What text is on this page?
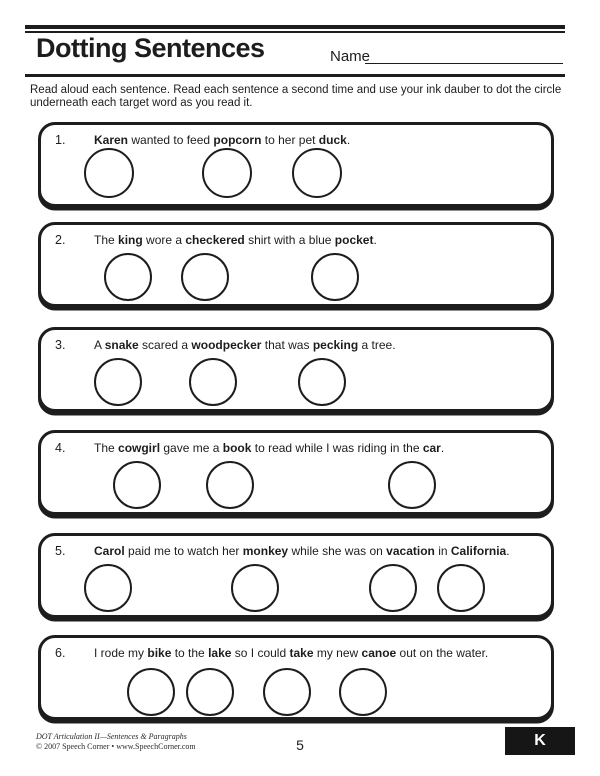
Dotting Sentences	Name

Read aloud each sentence. Read each sentence a second time and use your ink dauber to dot the circle
underneath each target word as you read it.

1. Karen wanted to feed popcorn to her pet duck.
2. The king wore a checkered shirt with a blue pocket.
3. A snake scared a woodpecker that was pecking a tree.
4. The cowgirl gave me a book to read while I was riding in the car.
5. Carol paid me to watch her monkey while she was on vacation in California.
6. I rode my bike to the lake so I could take my new canoe out on the water.
DOT Articulation II—Sentences & Paragraphs
© 2007 Speech Corner • www.SpeechCorner.com	5	K
